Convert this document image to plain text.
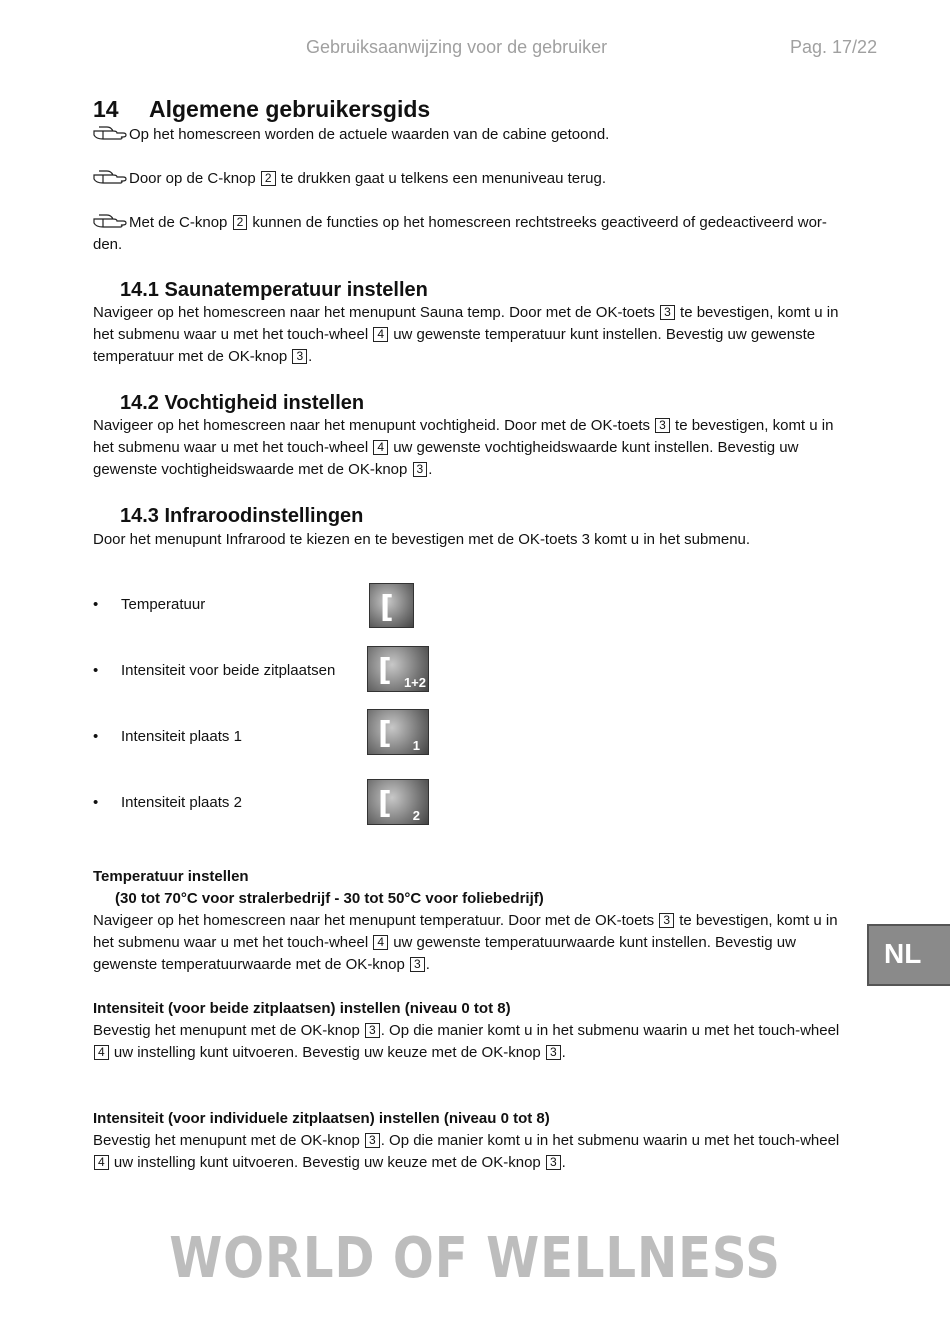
Gebruiksaanwijzing voor de gebruiker	Pag. 17/22
14 Algemene gebruikersgids
Op het homescreen worden de actuele waarden van de cabine getoond.
Door op de C-knop 2 te drukken gaat u telkens een menuniveau terug.
Met de C-knop 2 kunnen de functies op het homescreen rechtstreeks geactiveerd of gedeactiveerd wor-
den.
14.1 Saunatemperatuur instellen
Navigeer op het homescreen naar het menupunt Sauna temp. Door met de OK-toets 3 te bevestigen, komt u in
het submenu waar u met het touch-wheel 4 uw gewenste temperatuur kunt instellen. Bevestig uw gewenste
temperatuur met de OK-knop 3 .
14.2 Vochtigheid instellen
Navigeer op het homescreen naar het menupunt vochtigheid. Door met de OK-toets 3 te bevestigen, komt u in
het submenu waar u met het touch-wheel 4 uw gewenste vochtigheidswaarde kunt instellen. Bevestig uw
gewenste vochtigheidswaarde met de OK-knop 3 .
14.3 Infraroodinstellingen
Door het menupunt Infrarood te kiezen en te bevestigen met de OK-toets 3 komt u in het submenu.
• Temperatuur	[
• Intensiteit voor beide zitplaatsen [ 1+2
• Intensiteit plaats 1	[ 1
• Intensiteit plaats 2	[ 2
Temperatuur instellen
(30 tot 70°C voor stralerbedrijf - 30 tot 50°C voor foliebedrijf)
Navigeer op het homescreen naar het menupunt temperatuur. Door met de OK-toets 3 te bevestigen, komt u in
het submenu waar u met het touch-wheel 4 uw gewenste temperatuurwaarde kunt instellen. Bevestig uw
gewenste temperatuurwaarde met de OK-knop 3 .
Intensiteit (voor beide zitplaatsen) instellen (niveau 0 tot 8)
Bevestig het menupunt met de OK-knop 3 . Op die manier komt u in het submenu waarin u met het touch-wheel
4 uw instelling kunt uitvoeren. Bevestig uw keuze met de OK-knop 3 .
Intensiteit (voor individuele zitplaatsen) instellen (niveau 0 tot 8)
Bevestig het menupunt met de OK-knop 3 . Op die manier komt u in het submenu waarin u met het touch-wheel
4 uw instelling kunt uitvoeren. Bevestig uw keuze met de OK-knop 3 .
NL
WORLD OF WELLNESS
